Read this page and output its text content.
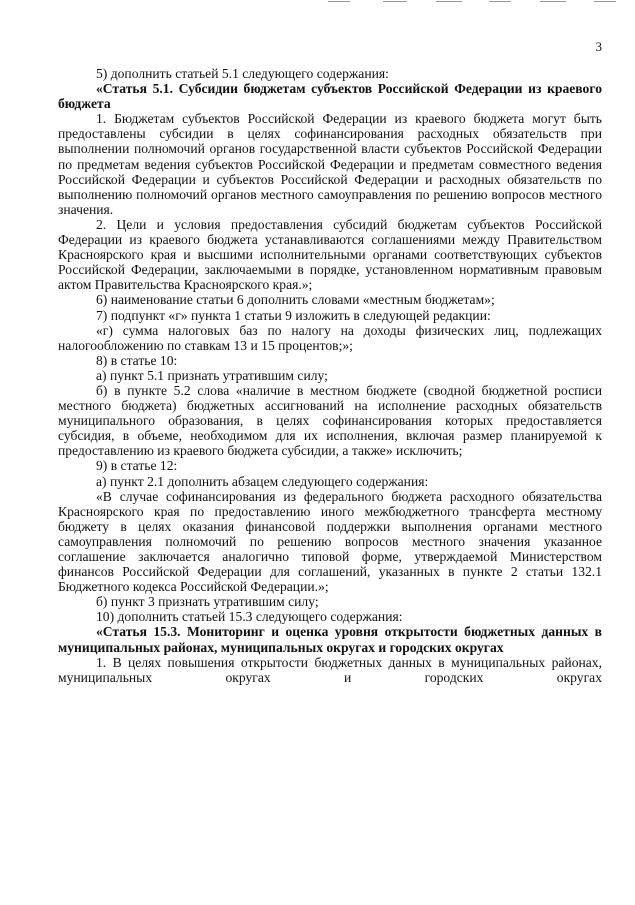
3

5) дополнить статьей 5.1 следующего содержания:

«Статья 5.1. Субсидии бюджетам субъектов Российской Федерации из краевого бюджета

1. Бюджетам субъектов Российской Федерации из краевого бюджета могут быть предоставлены субсидии в целях софинансирования расходных обязательств при выполнении полномочий органов государственной власти субъектов Российской Федерации по предметам ведения субъектов Российской Федерации и предметам совместного ведения Российской Федерации и субъектов Российской Федерации и расходных обязательств по выполнению полномочий органов местного самоуправления по решению вопросов местного значения.

2. Цели и условия предоставления субсидий бюджетам субъектов Российской Федерации из краевого бюджета устанавливаются соглашениями между Правительством Красноярского края и высшими исполнительными органами соответствующих субъектов Российской Федерации, заключаемыми в порядке, установленном нормативным правовым актом Правительства Красноярского края.»;

6) наименование статьи 6 дополнить словами «местным бюджетам»;

7) подпункт «г» пункта 1 статьи 9 изложить в следующей редакции:

«г) сумма налоговых баз по налогу на доходы физических лиц, подлежащих налогообложению по ставкам 13 и 15 процентов;»;

8) в статье 10:

а) пункт 5.1 признать утратившим силу;

б) в пункте 5.2 слова «наличие в местном бюджете (сводной бюджетной росписи местного бюджета) бюджетных ассигнований на исполнение расходных обязательств муниципального образования, в целях софинансирования которых предоставляется субсидия, в объеме, необходимом для их исполнения, включая размер планируемой к предоставлению из краевого бюджета субсидии, а также» исключить;

9) в статье 12:

а) пункт 2.1 дополнить абзацем следующего содержания:

«В случае софинансирования из федерального бюджета расходного обязательства Красноярского края по предоставлению иного межбюджетного трансферта местному бюджету в целях оказания финансовой поддержки выполнения органами местного самоуправления полномочий по решению вопросов местного значения указанное соглашение заключается аналогично типовой форме, утверждаемой Министерством финансов Российской Федерации для соглашений, указанных в пункте 2 статьи 132.1 Бюджетного кодекса Российской Федерации.»;

б) пункт 3 признать утратившим силу;

10) дополнить статьей 15.3 следующего содержания:

«Статья 15.3. Мониторинг и оценка уровня открытости бюджетных данных в муниципальных районах, муниципальных округах и городских округах

1. В целях повышения открытости бюджетных данных в муниципальных районах, муниципальных округах и городских округах
